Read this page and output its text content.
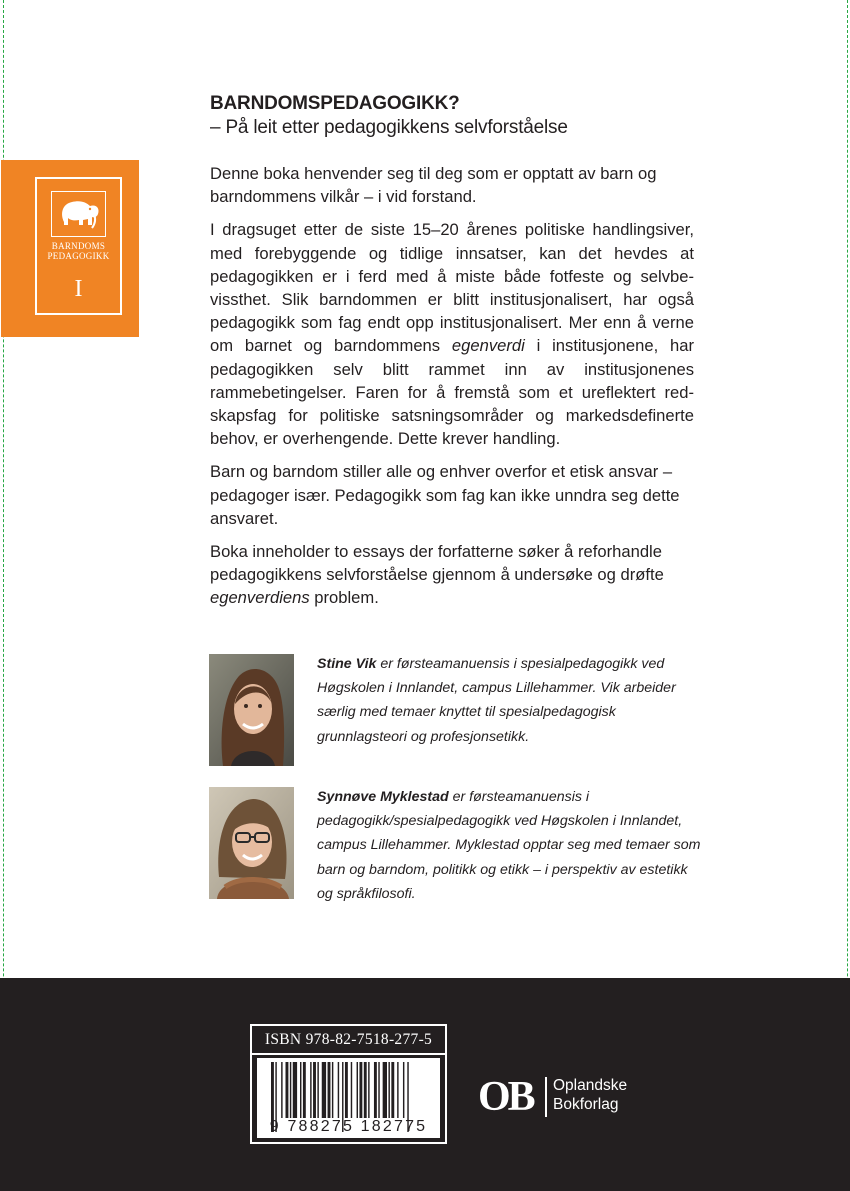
BARNDOMS
PEDAGOGIKK
I

BARNDOMSPEDAGOGIKK?

– På leit etter pedagogikkens selvforståelse

Denne boka henvender seg til deg som er opptatt av barn og barndommens vilkår – i vid forstand.

I dragsuget etter de siste 15–20 årenes politiske handlingsiver, med forebyggende og tidlige innsatser, kan det hevdes at pedagogikken er i ferd med å miste både fotfeste og selvbevissthet. Slik barndommen er blitt institusjonalisert, har også pedagogikk som fag endt opp institusjonalisert. Mer enn å verne om barnet og barndommens egenverdi i institusjonene, har pedagogikken selv blitt rammet inn av institusjonenes rammebetingelser. Faren for å fremstå som et ureflektert redskapsfag for politiske satsningsområder og markedsdefinerte behov, er overhengende. Dette krever handling.

Barn og barndom stiller alle og enhver overfor et etisk ansvar – pedagoger især. Pedagogikk som fag kan ikke unndra seg dette ansvaret.

Boka inneholder to essays der forfatterne søker å reforhandle pedagogikkens selvforståelse gjennom å undersøke og drøfte egenverdiens problem.

Stine Vik er førsteamanuensis i spesialpedagogikk ved Høgskolen i Innlandet, campus Lillehammer. Vik arbeider særlig med temaer knyttet til spesialpedagogisk grunnlagsteori og profesjonsetikk.
Synnøve Myklestad er førsteamanuensis i pedagogikk/spesialpedagogikk ved Høgskolen i Innlandet, campus Lillehammer. Myklestad opptar seg med temaer som barn og barndom, politikk og etikk – i perspektiv av estetikk og språkfilosofi.
ISBN 978-82-7518-277-5
9 788275 182775
OB Oplandske
Bokforlag
